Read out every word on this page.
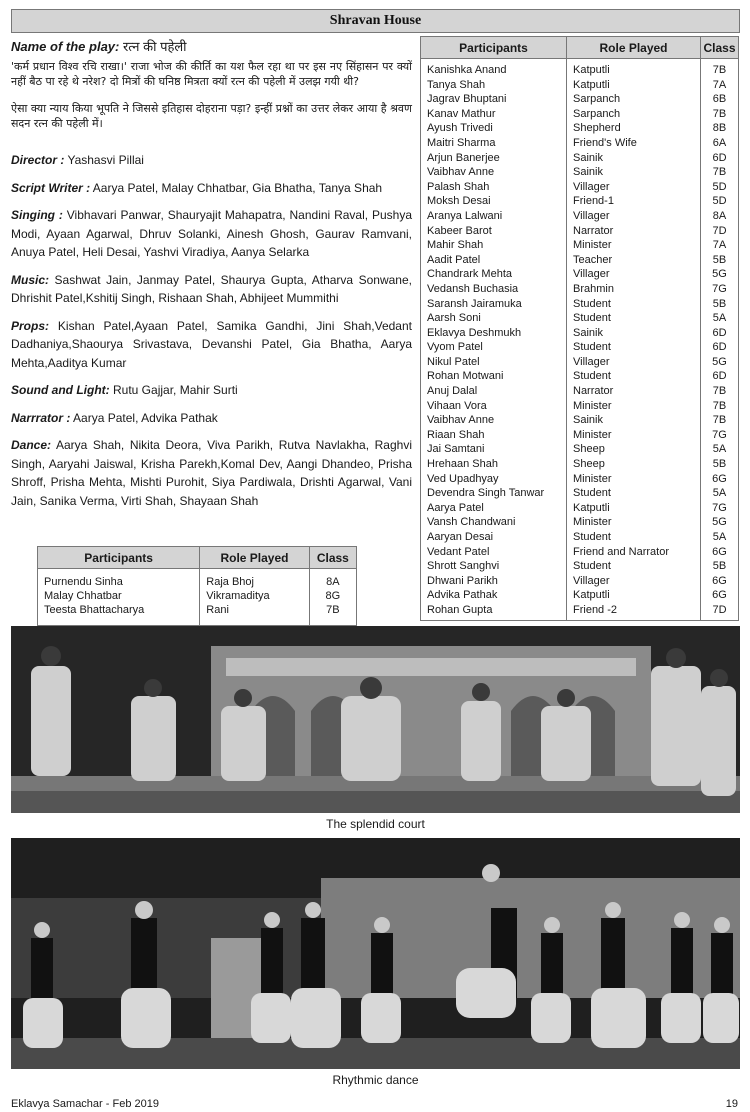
Shravan House
Name of the play: रत्न की पहेली

'कर्म प्रधान विश्व रचि राखा।' राजा भोज की कीर्ति का यश फैल रहा था पर इस नए सिंहासन पर क्यों नहीं बैठ पा रहे थे नरेश? दो मित्रों की घनिष्ठ मित्रता क्यों रत्न की पहेली में उलझ गयी थी?

ऐसा क्या न्याय किया भूपति ने जिससे इतिहास दोहराना पड़ा? इन्हीं प्रश्नों का उत्तर लेकर आया है श्रवण सदन रत्न की पहेली में।

Director : Yashasvi Pillai

Script Writer : Aarya Patel, Malay Chhatbar, Gia Bhatha, Tanya Shah

Singing : Vibhavari Panwar, Shauryajit Mahapatra, Nandini Raval, Pushya Modi, Ayaan Agarwal, Dhruv Solanki, Ainesh Ghosh, Gaurav Ramvani, Anuya Patel, Heli Desai, Yashvi Viradiya, Aanya Selarka

Music: Sashwat Jain, Janmay Patel, Shaurya Gupta, Atharva Sonwane, Dhrishit Patel,Kshitij Singh, Rishaan Shah, Abhijeet Mummithi

Props: Kishan Patel,Ayaan Patel, Samika Gandhi, Jini Shah,Vedant Dadhaniya,Shaourya Srivastava, Devanshi Patel, Gia Bhatha, Aarya Mehta,Aaditya Kumar

Sound and Light: Rutu Gajjar, Mahir Surti

Narrrator : Aarya Patel, Advika Pathak

Dance: Aarya Shah, Nikita Deora, Viva Parikh, Rutva Navlakha, Raghvi Singh, Aaryahi Jaiswal, Krisha Parekh,Komal Dev, Aangi Dhandeo, Prisha Shroff, Prisha Mehta, Mishti Purohit, Siya Pardiwala, Drishti Agarwal, Vani Jain, Sanika Verma, Virti Shah, Shayaan Shah

Participants	Role Played	Class
Purnendu Sinha	Raja Bhoj	8A
Malay Chhatbar	Vikramaditya	8G
Teesta Bhattacharya	Rani	7B
Participants	Role Played	Class
Kanishka Anand	Katputli	7B
Tanya Shah	Katputli	7A
Jagrav Bhuptani	Sarpanch	6B
Kanav Mathur	Sarpanch	7B
Ayush Trivedi	Shepherd	8B
Maitri Sharma	Friend's Wife	6A
Arjun Banerjee	Sainik	6D
Vaibhav Anne	Sainik	7B
Palash Shah	Villager	5D
Moksh Desai	Friend-1	5D
Aranya Lalwani	Villager	8A
Kabeer Barot	Narrator	7D
Mahir Shah	Minister	7A
Aadit Patel	Teacher	5B
Chandrark Mehta	Villager	5G
Vedansh Buchasia	Brahmin	7G
Saransh Jairamuka	Student	5B
Aarsh Soni	Student	5A
Eklavya Deshmukh	Sainik	6D
Vyom Patel	Student	6D
Nikul Patel	Villager	5G
Rohan Motwani	Student	6D
Anuj Dalal	Narrator	7B
Vihaan Vora	Minister	7B
Vaibhav Anne	Sainik	7B
Riaan Shah	Minister	7G
Jai Samtani	Sheep	5A
Hrehaan Shah	Sheep	5B
Ved Upadhyay	Minister	6G
Devendra Singh Tanwar	Student	5A
Aarya Patel	Katputli	7G
Vansh Chandwani	Minister	5G
Aaryan Desai	Student	5A
Vedant Patel	Friend and Narrator	6G
Shrott Sanghvi	Student	5B
Dhwani Parikh	Villager	6G
Advika Pathak	Katputli	6G
Rohan Gupta	Friend -2	7D
The splendid court
Rhythmic dance
Eklavya Samachar - Feb 2019	19
